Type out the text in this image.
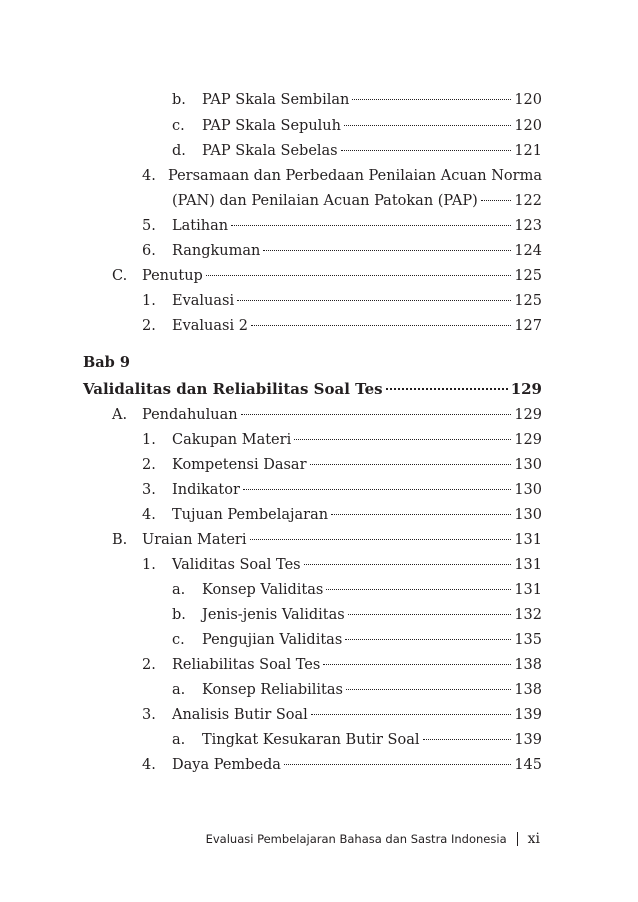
b.	PAP Skala Sembilan	120
c.	PAP Skala Sepuluh	120
d.	PAP Skala Sebelas	121
4. Persamaan dan Perbedaan Penilaian Acuan Norma
(PAN) dan Penilaian Acuan Patokan (PAP)	122
5.	Latihan	123
6.	Rangkuman	124
C.	Penutup	125
1.	Evaluasi	125
2.	Evaluasi 2	127
Bab 9
Validalitas dan Reliabilitas Soal Tes	129
A.	Pendahuluan	129
1.	Cakupan Materi	129
2.	Kompetensi Dasar	130
3.	Indikator	130
4.	Tujuan Pembelajaran	130
B.	Uraian Materi	131
1.	Validitas Soal Tes	131
a.	Konsep Validitas	131
b.	Jenis-jenis Validitas	132
c.	Pengujian Validitas	135
2.	Reliabilitas Soal Tes	138
a.	Konsep Reliabilitas	138
3.	Analisis Butir Soal	139
a.	Tingkat Kesukaran Butir Soal	139
4.	Daya Pembeda	145
Evaluasi Pembelajaran Bahasa dan Sastra Indonesia xi
